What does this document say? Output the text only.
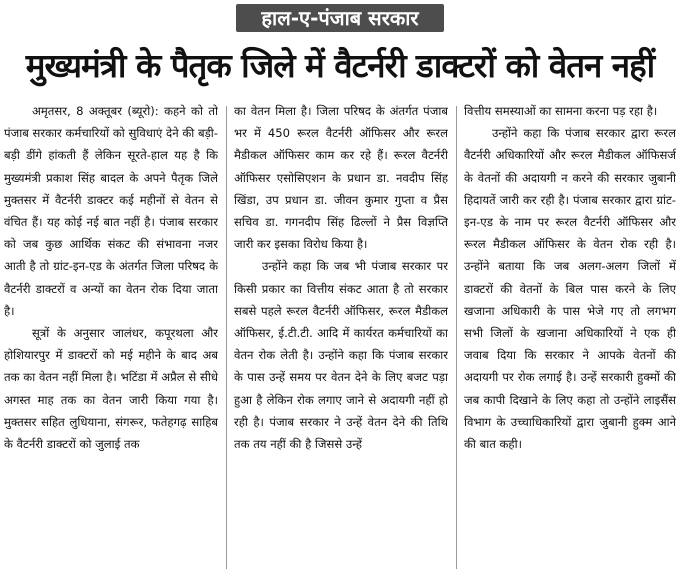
हाल-ए-पंजाब सरकार
मुख्यमंत्री के पैतृक जिले में वैटर्नरी डाक्टरों को वेतन नहीं

अमृतसर, 8 अक्तूबर (ब्यूरो): कहने को तो पंजाब सरकार कर्मचारियों को सुविधाएं देने की बड़ी-बड़ी डींगे हांकती हैं लेकिन सूरते-हाल यह है कि मुख्यमंत्री प्रकाश सिंह बादल के अपने पैतृक जिले मुक्तसर में वैटर्नरी डाक्टर कई महीनों से वेतन से वंचित हैं। यह कोई नई बात नहीं है। पंजाब सरकार को जब कुछ आर्थिक संकट की संभावना नजर आती है तो ग्रांट-इन-एड के अंतर्गत जिला परिषद के वैटर्नरी डाक्टरों व अन्यों का वेतन रोक दिया जाता है।

सूत्रों के अनुसार जालंधर, कपूरथला और होशियारपुर में डाक्टरों को मई महीने के बाद अब तक का वेतन नहीं मिला है। भटिंडा में अप्रैल से सीधे अगस्त माह तक का वेतन जारी किया गया है। मुक्तसर सहित लुधियाना, संगरूर, फतेहगढ़ साहिब के वैटर्नरी डाक्टरों को जुलाई तक

का वेतन मिला है। जिला परिषद के अंतर्गत पंजाब भर में 450 रूरल वैटर्नरी ऑफिसर और रूरल मैडीकल ऑफिसर काम कर रहे हैं। रूरल वैटर्नरी ऑफिसर एसोसिएशन के प्रधान डा. नवदीप सिंह खिंडा, उप प्रधान डा. जीवन कुमार गुप्ता व प्रैस सचिव डा. गगनदीप सिंह ढिल्लों ने प्रैस विज्ञप्ति जारी कर इसका विरोध किया है।

उन्होंने कहा कि जब भी पंजाब सरकार पर किसी प्रकार का वित्तीय संकट आता है तो सरकार सबसे पहले रूरल वैटर्नरी ऑफिसर, रूरल मैडीकल ऑफिसर, ई.टी.टी. आदि में कार्यरत कर्मचारियों का वेतन रोक लेती है। उन्होंने कहा कि पंजाब सरकार के पास उन्हें समय पर वेतन देने के लिए बजट पड़ा हुआ है लेकिन रोक लगाए जाने से अदायगी नहीं हो रही है। पंजाब सरकार ने उन्हें वेतन देने की तिथि तक तय नहीं की है जिससे उन्हें

वित्तीय समस्याओं का सामना करना पड़ रहा है।

उन्होंने कहा कि पंजाब सरकार द्वारा रूरल वैटर्नरी अधिकारियों और रूरल मैडीकल ऑफिसर्ज के वेतनों की अदायगी न करने की सरकार जुबानी हिदायतें जारी कर रही है। पंजाब सरकार द्वारा ग्रांट-इन-एड के नाम पर रूरल वैटर्नरी ऑफिसर और रूरल मैडीकल ऑफिसर के वेतन रोक रही है। उन्होंने बताया कि जब अलग-अलग जिलों में डाक्टरों की वेतनों के बिल पास करने के लिए खजाना अधिकारी के पास भेजे गए तो लगभग सभी जिलों के खजाना अधिकारियों ने एक ही जवाब दिया कि सरकार ने आपके वेतनों की अदायगी पर रोक लगाई है। उन्हें सरकारी हुक्मों की जब कापी दिखाने के लिए कहा तो उन्होंने लाइसैंस विभाग के उच्चाधिकारियों द्वारा जुबानी हुक्म आने की बात कही।
